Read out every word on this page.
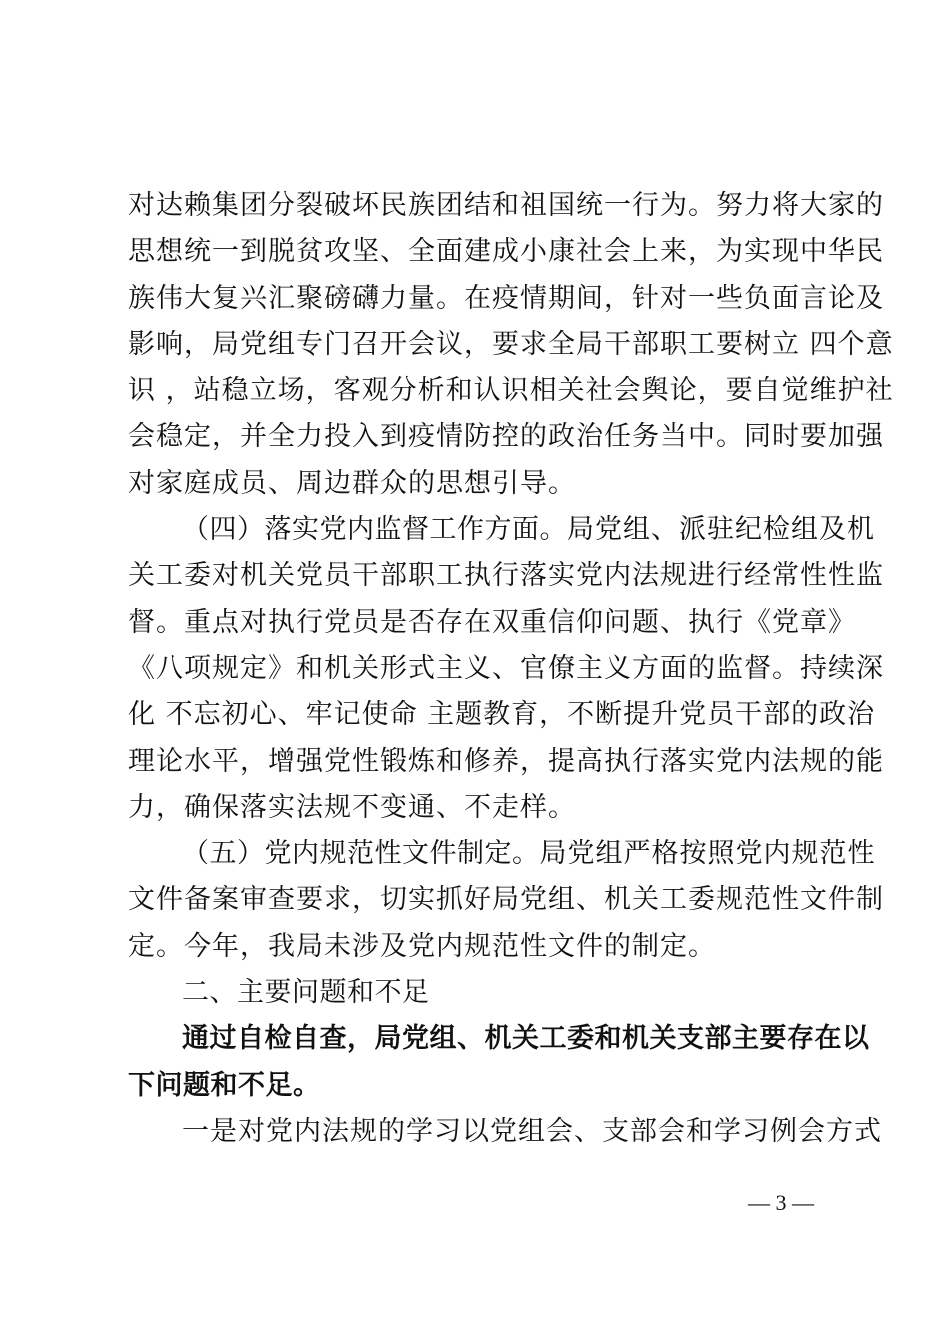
对达赖集团分裂破坏民族团结和祖国统一行为。努力将大家的
思想统一到脱贫攻坚、全面建成小康社会上来，为实现中华民
族伟大复兴汇聚磅礴力量。在疫情期间，针对一些负面言论及
影响，局党组专门召开会议，要求全局干部职工要树立 四个意
识 ，站稳立场，客观分析和认识相关社会舆论，要自觉维护社
会稳定，并全力投入到疫情防控的政治任务当中。同时要加强
对家庭成员、周边群众的思想引导。
（四）落实党内监督工作方面。局党组、派驻纪检组及机
关工委对机关党员干部职工执行落实党内法规进行经常性性监
督。重点对执行党员是否存在双重信仰问题、执行《党章》
《八项规定》和机关形式主义、官僚主义方面的监督。持续深
化 不忘初心、牢记使命 主题教育，不断提升党员干部的政治
理论水平，增强党性锻炼和修养，提高执行落实党内法规的能
力，确保落实法规不变通、不走样。
（五）党内规范性文件制定。局党组严格按照党内规范性
文件备案审查要求，切实抓好局党组、机关工委规范性文件制
定。今年，我局未涉及党内规范性文件的制定。
二、主要问题和不足
通过自检自查，局党组、机关工委和机关支部主要存在以
下问题和不足。
一是对党内法规的学习以党组会、支部会和学习例会方式
— 3 —
